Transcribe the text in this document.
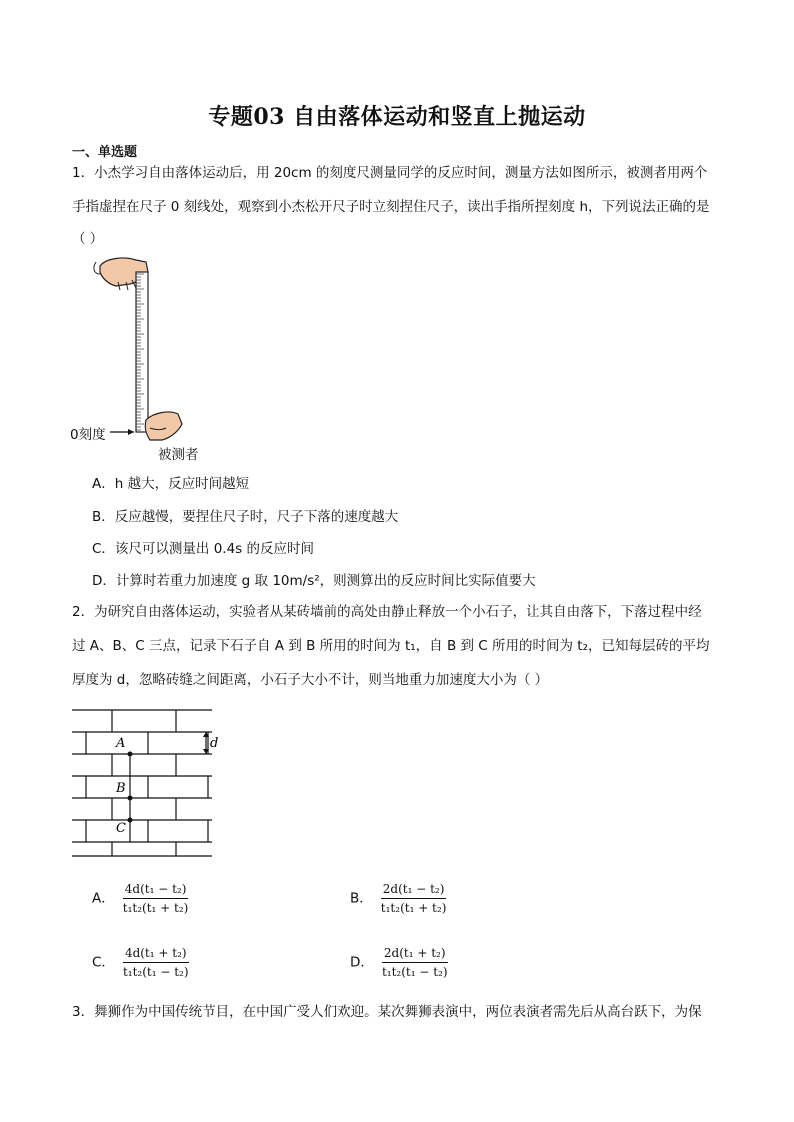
专题03 自由落体运动和竖直上抛运动
一、单选题
1．小杰学习自由落体运动后，用 20cm 的刻度尺测量同学的反应时间，测量方法如图所示，被测者用两个
手指虚捏在尺子 0 刻线处，观察到小杰松开尺子时立刻捏住尺子，读出手指所捏刻度 h，下列说法正确的是
（ ）
0刻度
被测者
A．h 越大，反应时间越短
B．反应越慢，要捏住尺子时，尺子下落的速度越大
C．该尺可以测量出 0.4s 的反应时间
D．计算时若重力加速度 g 取 10m/s²，则测算出的反应时间比实际值要大
2．为研究自由落体运动，实验者从某砖墙前的高处由静止释放一个小石子，让其自由落下，下落过程中经
过 A、B、C 三点，记录下石子自 A 到 B 所用的时间为 t₁，自 B 到 C 所用的时间为 t₂，已知每层砖的平均
厚度为 d，忽略砖缝之间距离，小石子大小不计，则当地重力加速度大小为（ ）
A
B
C
d
A． $\frac{\text{4d(t₁ − t₂)}}{\text{t₁t₂(t₁ + t₂)}}$	B． $\frac{\text{2d(t₁ − t₂)}}{\text{t₁t₂(t₁ + t₂)}}$
C． $\frac{\text{4d(t₁ + t₂)}}{\text{t₁t₂(t₁ − t₂)}}$	D． $\frac{\text{2d(t₁ + t₂)}}{\text{t₁t₂(t₁ − t₂)}}$
3．舞狮作为中国传统节目，在中国广受人们欢迎。某次舞狮表演中，两位表演者需先后从高台跃下，为保
